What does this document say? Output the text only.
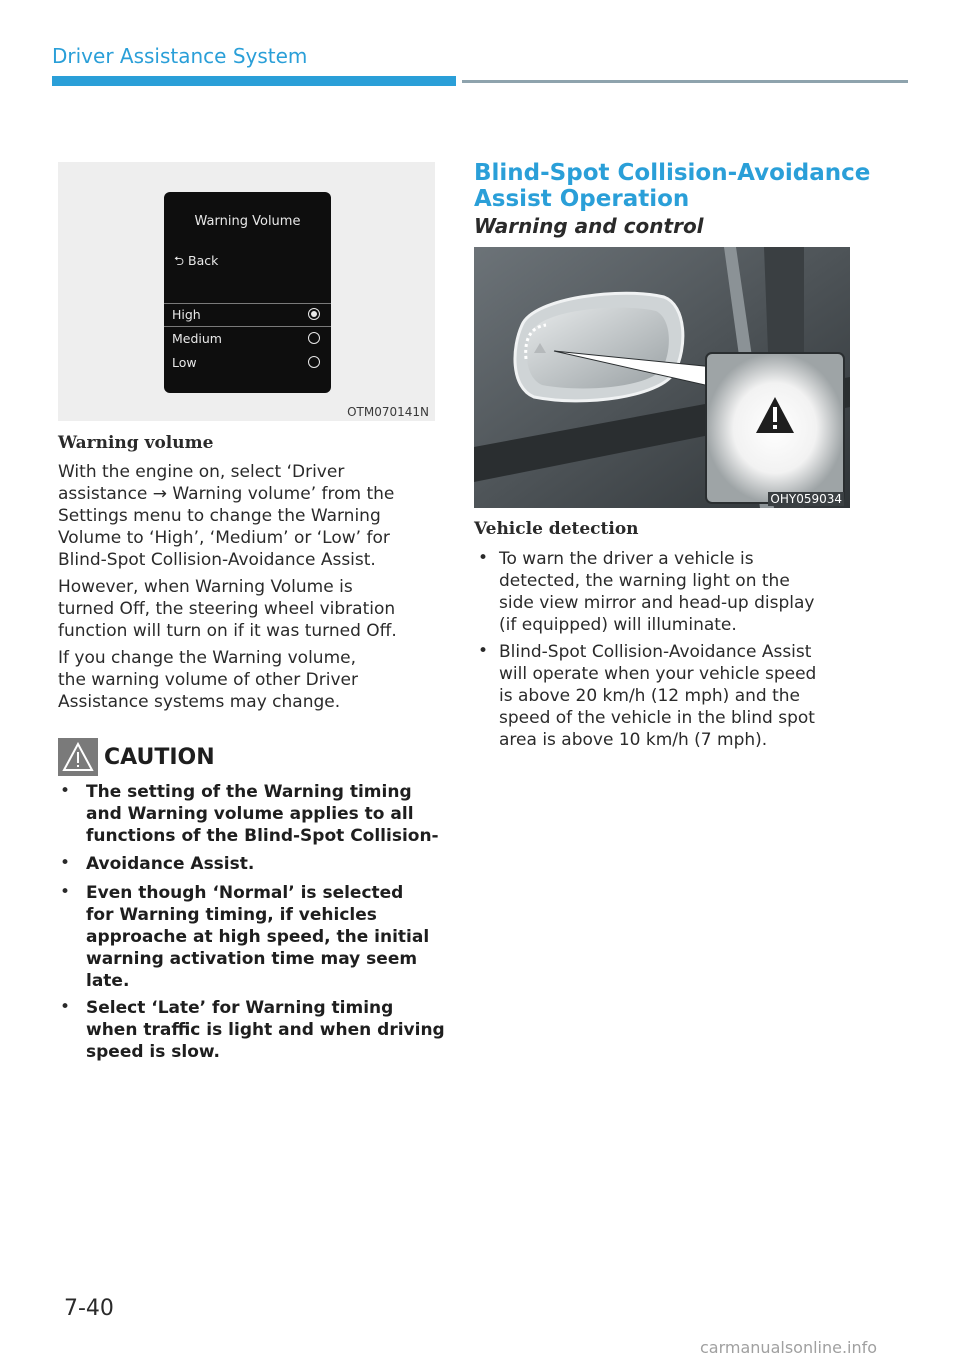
Driver Assistance System
Warning Volume
⮌ Back
High
Medium
Low
OTM070141N
Warning volume
With the engine on, select ‘Driver
assistance → Warning volume’ from the
Settings menu to change the Warning
Volume to ‘High’, ‘Medium’ or ‘Low’ for
Blind-Spot Collision-Avoidance Assist.
However, when Warning Volume is
turned Off, the steering wheel vibration
function will turn on if it was turned Off.
If you change the Warning volume,
the warning volume of other Driver
Assistance systems may change.
CAUTION
• The setting of the Warning timing
and Warning volume applies to all
functions of the Blind-Spot Collision-
• Avoidance Assist.
• Even though ‘Normal’ is selected
for Warning timing, if vehicles
approache at high speed, the initial
warning activation time may seem
late.
• Select ‘Late’ for Warning timing
when traffic is light and when driving
speed is slow.
Blind-Spot Collision-Avoidance
Assist Operation
Warning and control
OHY059034
Vehicle detection
• To warn the driver a vehicle is
detected, the warning light on the
side view mirror and head-up display
(if equipped) will illuminate.
• Blind-Spot Collision-Avoidance Assist
will operate when your vehicle speed
is above 20 km/h (12 mph) and the
speed of the vehicle in the blind spot
area is above 10 km/h (7 mph).
7-40
carmanualsonline.info
